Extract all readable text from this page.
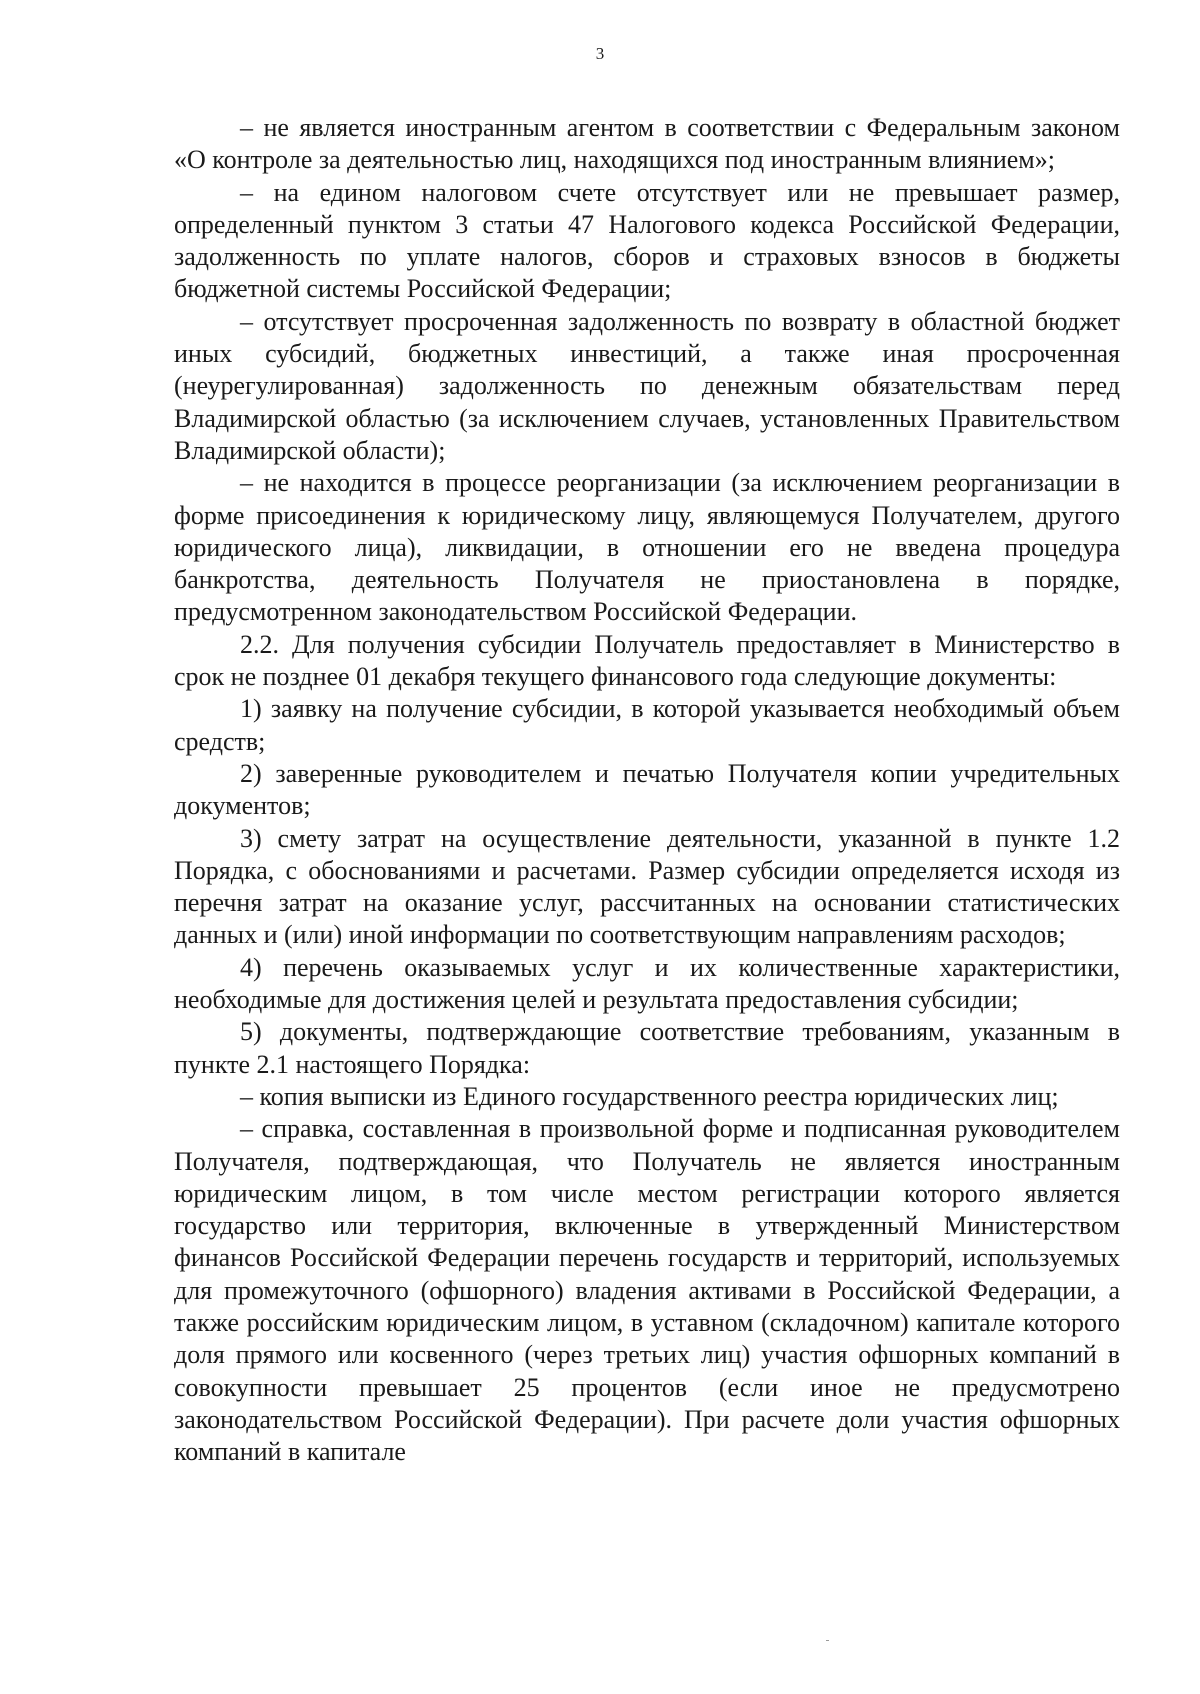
3

– не является иностранным агентом в соответствии с Федеральным законом «О контроле за деятельностью лиц, находящихся под иностранным влиянием»;

– на едином налоговом счете отсутствует или не превышает размер, определенный пунктом 3 статьи 47 Налогового кодекса Российской Федерации, задолженность по уплате налогов, сборов и страховых взносов в бюджеты бюджетной системы Российской Федерации;

– отсутствует просроченная задолженность по возврату в областной бюджет иных субсидий, бюджетных инвестиций, а также иная просроченная (неурегулированная) задолженность по денежным обязательствам перед Владимирской областью (за исключением случаев, установленных Правительством Владимирской области);

– не находится в процессе реорганизации (за исключением реорганизации в форме присоединения к юридическому лицу, являющемуся Получателем, другого юридического лица), ликвидации, в отношении его не введена процедура банкротства, деятельность Получателя не приостановлена в порядке, предусмотренном законодательством Российской Федерации.

2.2. Для получения субсидии Получатель предоставляет в Министерство в срок не позднее 01 декабря текущего финансового года следующие документы:

1) заявку на получение субсидии, в которой указывается необходимый объем средств;

2) заверенные руководителем и печатью Получателя копии учредительных документов;

3) смету затрат на осуществление деятельности, указанной в пункте 1.2 Порядка, с обоснованиями и расчетами. Размер субсидии определяется исходя из перечня затрат на оказание услуг, рассчитанных на основании статистических данных и (или) иной информации по соответствующим направлениям расходов;

4) перечень оказываемых услуг и их количественные характеристики, необходимые для достижения целей и результата предоставления субсидии;

5) документы, подтверждающие соответствие требованиям, указанным в пункте 2.1 настоящего Порядка:

– копия выписки из Единого государственного реестра юридических лиц;

– справка, составленная в произвольной форме и подписанная руководителем Получателя, подтверждающая, что Получатель не является иностранным юридическим лицом, в том числе местом регистрации которого является государство или территория, включенные в утвержденный Министерством финансов Российской Федерации перечень государств и территорий, используемых для промежуточного (офшорного) владения активами в Российской Федерации, а также российским юридическим лицом, в уставном (складочном) капитале которого доля прямого или косвенного (через третьих лиц) участия офшорных компаний в совокупности превышает 25 процентов (если иное не предусмотрено законодательством Российской Федерации). При расчете доли участия офшорных компаний в капитале
